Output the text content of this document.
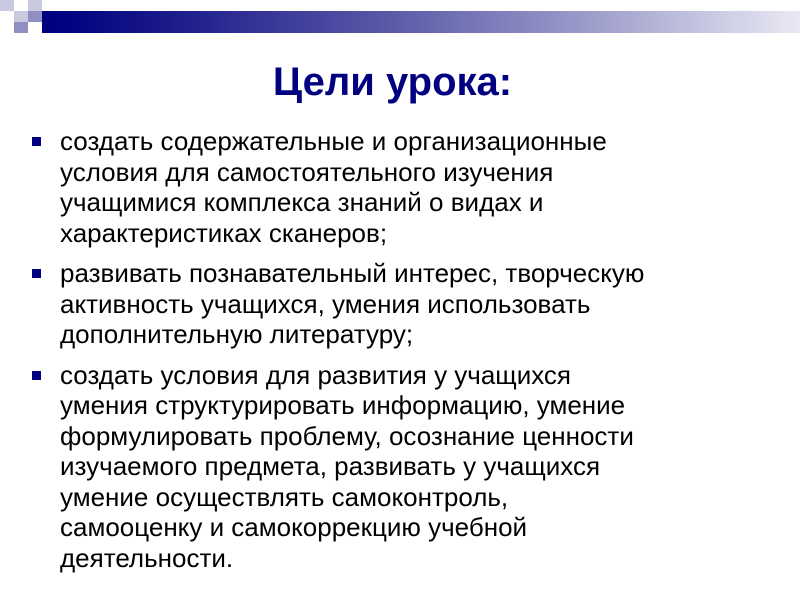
Цели урока:
создать содержательные и организационные
условия для самостоятельного изучения
учащимися комплекса знаний о видах и
характеристиках сканеров;
развивать познавательный интерес, творческую
активность учащихся, умения использовать
дополнительную литературу;
создать условия для развития у учащихся
умения структурировать информацию, умение
формулировать проблему, осознание ценности
изучаемого предмета, развивать у учащихся
умение осуществлять самоконтроль,
самооценку и самокоррекцию учебной
деятельности.
